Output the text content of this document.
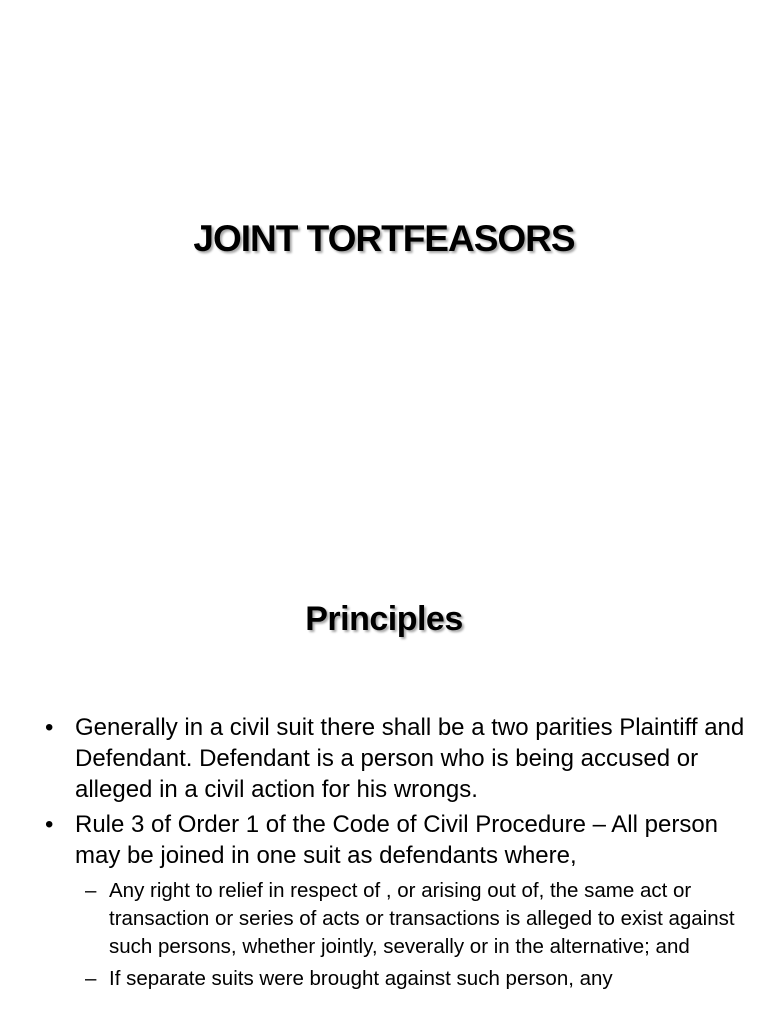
JOINT TORTFEASORS
Principles
• Generally in a civil suit there shall be a two parities Plaintiff and Defendant. Defendant is a person who is being accused or alleged in a civil action for his wrongs.
• Rule 3 of Order 1 of the Code of Civil Procedure – All person may be joined in one suit as defendants where,
– Any right to relief in respect of , or arising out of, the same act or transaction or series of acts or transactions is alleged to exist against such persons, whether jointly, severally or in the alternative; and
– If separate suits were brought against such person, any
